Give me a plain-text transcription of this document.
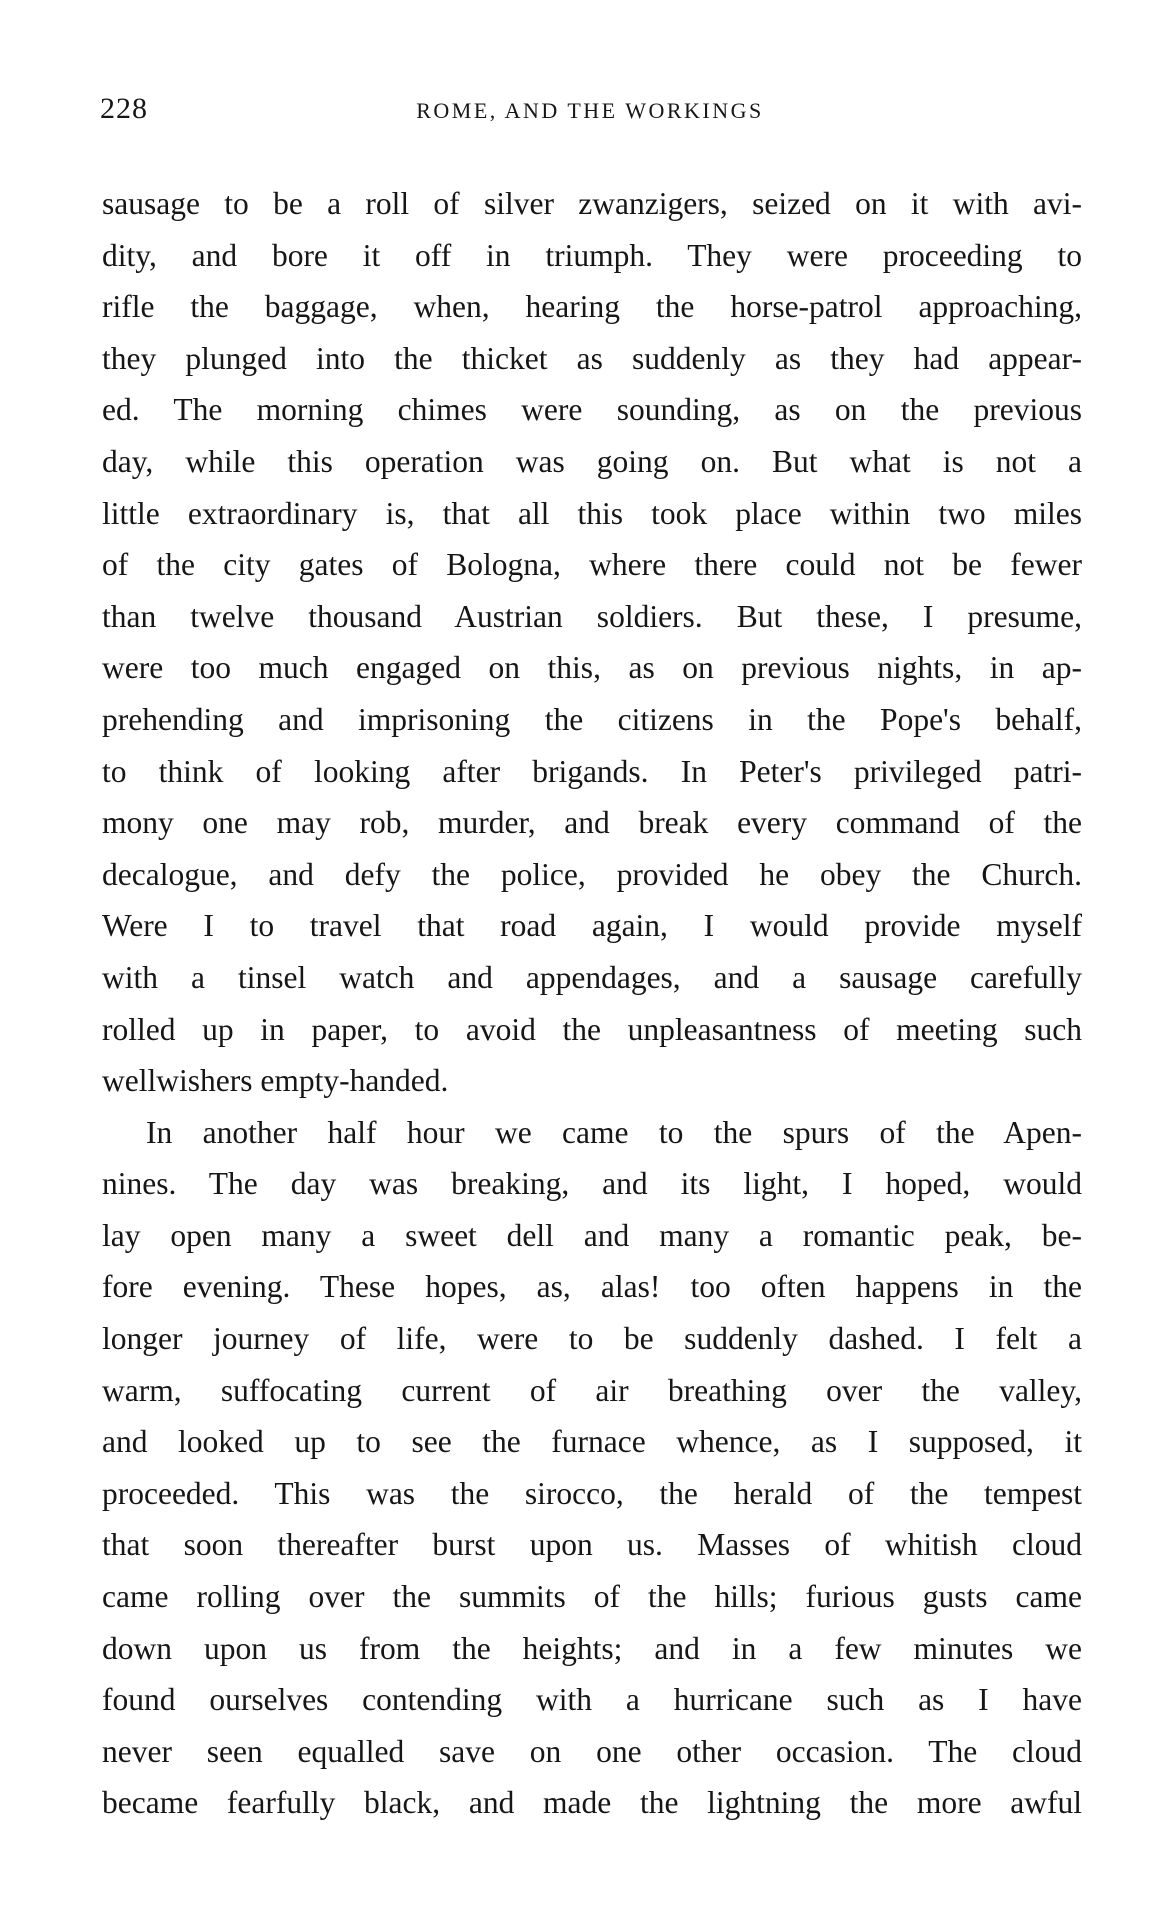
228	ROME, AND THE WORKINGS
sausage to be a roll of silver zwanzigers, seized on it with avi-
dity, and bore it off in triumph. They were proceeding to
rifle the baggage, when, hearing the horse-patrol approaching,
they plunged into the thicket as suddenly as they had appear-
ed. The morning chimes were sounding, as on the previous
day, while this operation was going on. But what is not a
little extraordinary is, that all this took place within two miles
of the city gates of Bologna, where there could not be fewer
than twelve thousand Austrian soldiers. But these, I presume,
were too much engaged on this, as on previous nights, in ap-
prehending and imprisoning the citizens in the Pope's behalf,
to think of looking after brigands. In Peter's privileged patri-
mony one may rob, murder, and break every command of the
decalogue, and defy the police, provided he obey the Church.
Were I to travel that road again, I would provide myself
with a tinsel watch and appendages, and a sausage carefully
rolled up in paper, to avoid the unpleasantness of meeting such
wellwishers empty-handed.
In another half hour we came to the spurs of the Apen-
nines. The day was breaking, and its light, I hoped, would
lay open many a sweet dell and many a romantic peak, be-
fore evening. These hopes, as, alas! too often happens in the
longer journey of life, were to be suddenly dashed. I felt a
warm, suffocating current of air breathing over the valley,
and looked up to see the furnace whence, as I supposed, it
proceeded. This was the sirocco, the herald of the tempest
that soon thereafter burst upon us. Masses of whitish cloud
came rolling over the summits of the hills; furious gusts came
down upon us from the heights; and in a few minutes we
found ourselves contending with a hurricane such as I have
never seen equalled save on one other occasion. The cloud
became fearfully black, and made the lightning the more awful
